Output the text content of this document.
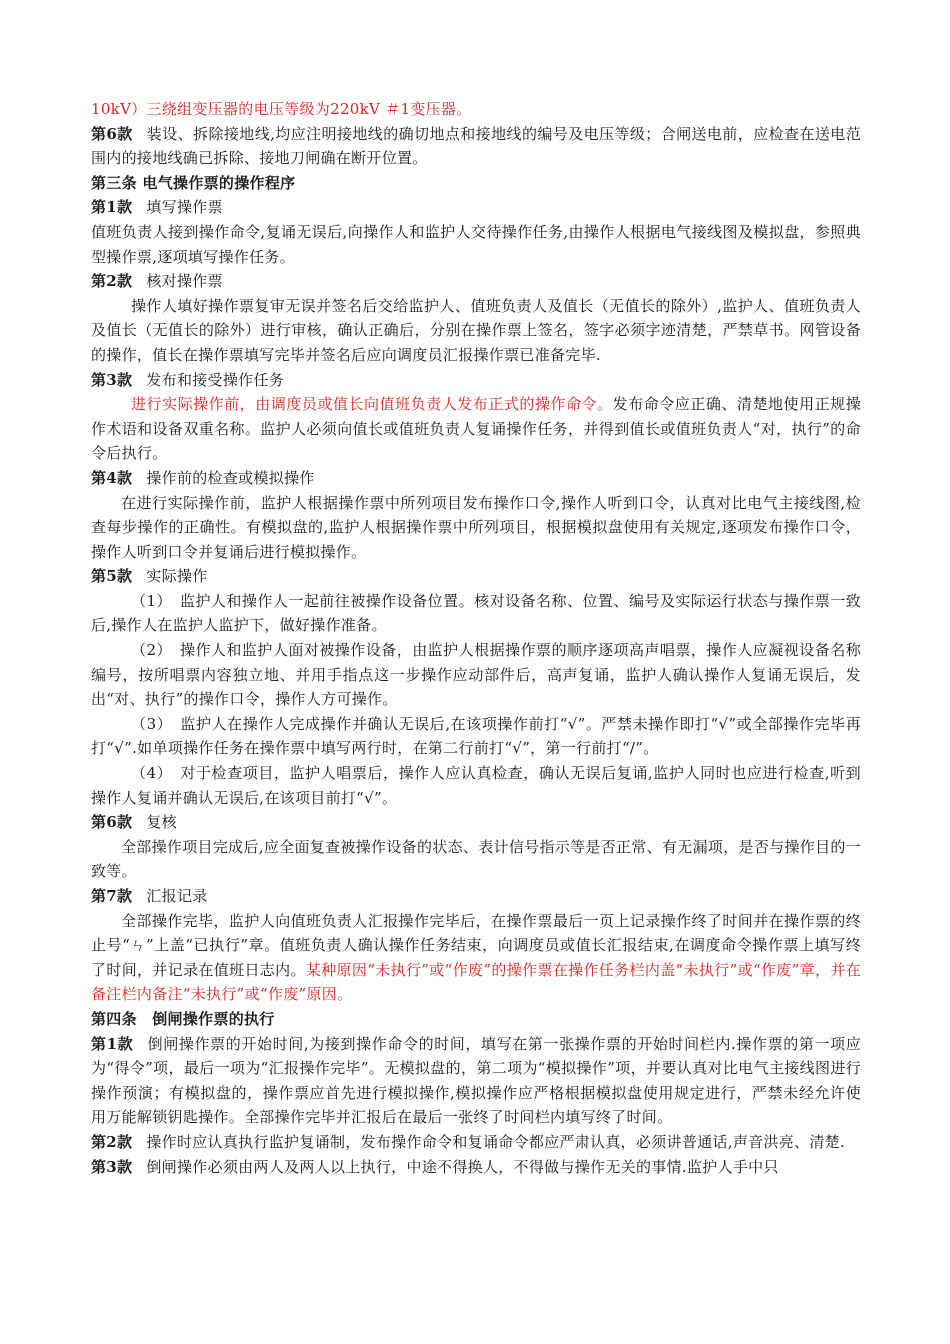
10kV）三绕组变压器的电压等级为220kV ＃1变压器。

第6款 装设、拆除接地线,均应注明接地线的确切地点和接地线的编号及电压等级；合闸送电前，应检查在送电范围内的接地线确已拆除、接地刀闸确在断开位置。

第三条 电气操作票的操作程序

第1款 填写操作票

值班负责人接到操作命令,复诵无误后,向操作人和监护人交待操作任务,由操作人根据电气接线图及模拟盘，参照典型操作票,逐项填写操作任务。

第2款 核对操作票

操作人填好操作票复审无误并签名后交给监护人、值班负责人及值长（无值长的除外）,监护人、值班负责人及值长（无值长的除外）进行审核，确认正确后，分别在操作票上签名，签字必须字迹清楚，严禁草书。网管设备的操作，值长在操作票填写完毕并签名后应向调度员汇报操作票已准备完毕.

第3款 发布和接受操作任务

进行实际操作前，由调度员或值长向值班负责人发布正式的操作命令。发布命令应正确、清楚地使用正规操作术语和设备双重名称。监护人必须向值长或值班负责人复诵操作任务，并得到值长或值班负责人“对，执行”的命令后执行。

第4款 操作前的检查或模拟操作

在进行实际操作前，监护人根据操作票中所列项目发布操作口令,操作人听到口令，认真对比电气主接线图,检查每步操作的正确性。有模拟盘的,监护人根据操作票中所列项目，根据模拟盘使用有关规定,逐项发布操作口令，操作人听到口令并复诵后进行模拟操作。

第5款 实际操作

（1）　监护人和操作人一起前往被操作设备位置。核对设备名称、位置、编号及实际运行状态与操作票一致后,操作人在监护人监护下，做好操作准备。

（2）　操作人和监护人面对被操作设备，由监护人根据操作票的顺序逐项高声唱票，操作人应凝视设备名称编号，按所唱票内容独立地、并用手指点这一步操作应动部件后，高声复诵，监护人确认操作人复诵无误后，发出“对、执行”的操作口令，操作人方可操作。

（3）　监护人在操作人完成操作并确认无误后,在该项操作前打“√”。严禁未操作即打“√”或全部操作完毕再打“√”.如单项操作任务在操作票中填写两行时，在第二行前打“√”，第一行前打“/”。

（4）　对于检查项目，监护人唱票后，操作人应认真检查，确认无误后复诵,监护人同时也应进行检查,听到操作人复诵并确认无误后,在该项目前打“√”。

第6款 复核

全部操作项目完成后,应全面复查被操作设备的状态、表计信号指示等是否正常、有无漏项，是否与操作目的一致等。

第7款 汇报记录

全部操作完毕，监护人向值班负责人汇报操作完毕后，在操作票最后一页上记录操作终了时间并在操作票的终止号“ㄣ”上盖“已执行”章。值班负责人确认操作任务结束，向调度员或值长汇报结束,在调度命令操作票上填写终了时间，并记录在值班日志内。某种原因“未执行”或“作废”的操作票在操作任务栏内盖“未执行”或“作废”章，并在备注栏内备注“未执行”或“作废”原因。

第四条　倒闸操作票的执行

第1款 倒闸操作票的开始时间,为接到操作命令的时间，填写在第一张操作票的开始时间栏内.操作票的第一项应为“得令”项，最后一项为“汇报操作完毕”。无模拟盘的，第二项为“模拟操作”项，并要认真对比电气主接线图进行操作预演；有模拟盘的，操作票应首先进行模拟操作,模拟操作应严格根据模拟盘使用规定进行，严禁未经允许使用万能解锁钥匙操作。全部操作完毕并汇报后在最后一张终了时间栏内填写终了时间。

第2款 操作时应认真执行监护复诵制，发布操作命令和复诵命令都应严肃认真，必须讲普通话,声音洪亮、清楚.

第3款 倒闸操作必须由两人及两人以上执行，中途不得换人，不得做与操作无关的事情.监护人手中只
